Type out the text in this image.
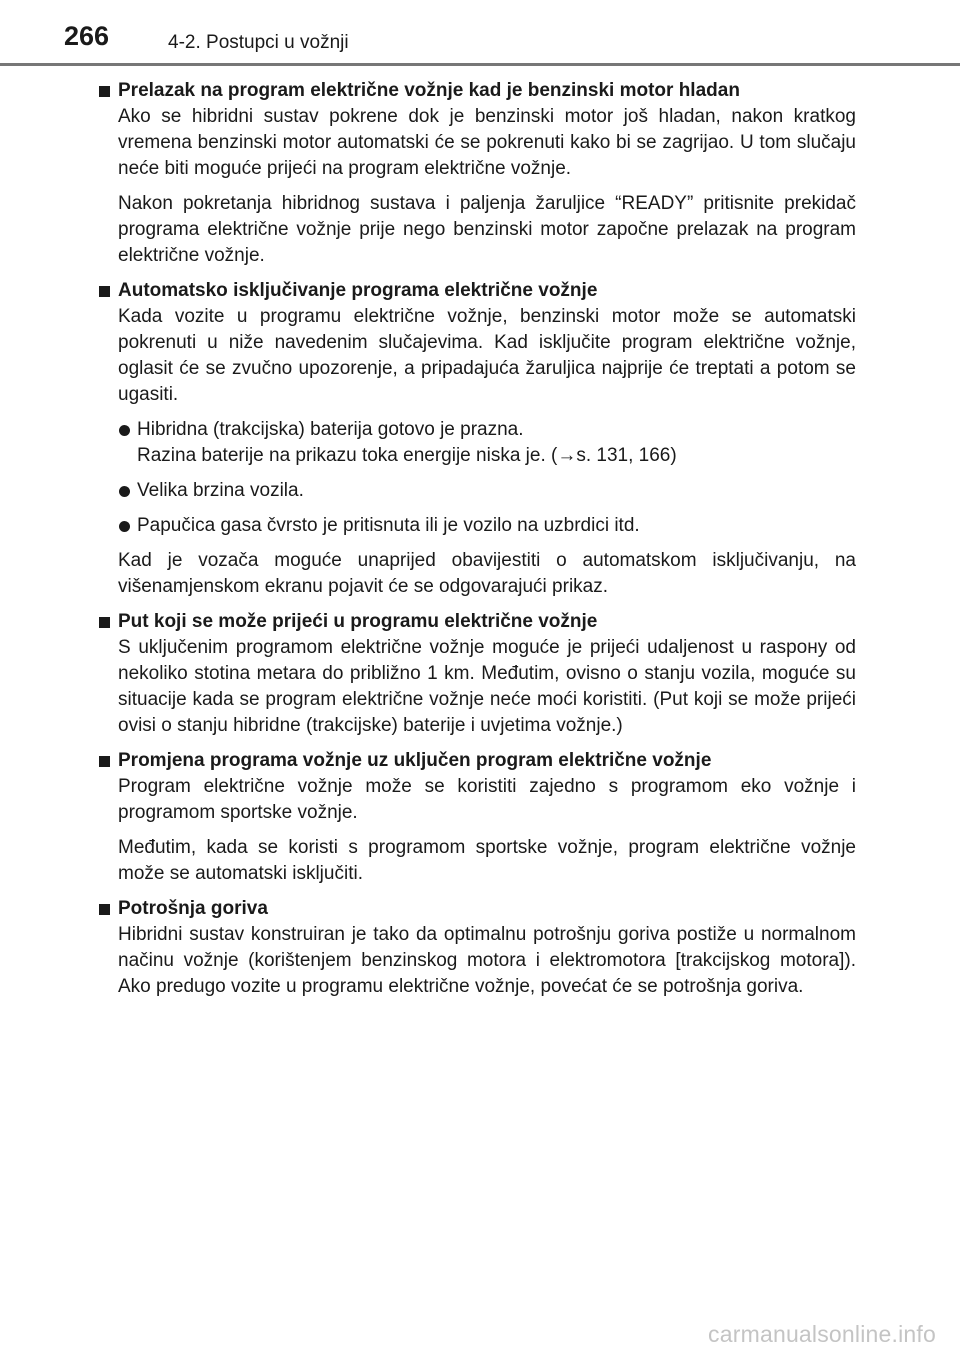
266	4-2. Postupci u vožnji
Prelazak na program električne vožnje kad je benzinski motor hladan

Ako se hibridni sustav pokrene dok je benzinski motor još hladan, nakon kratkog vremena benzinski motor automatski će se pokrenuti kako bi se zagrijao. U tom slučaju neće biti moguće prijeći na program električne vožnje.

Nakon pokretanja hibridnog sustava i paljenja žaruljice “READY” pritisnite prekidač programa električne vožnje prije nego benzinski motor započne prelazak na program električne vožnje.

Automatsko isključivanje programa električne vožnje

Kada vozite u programu električne vožnje, benzinski motor može se automatski pokrenuti u niže navedenim slučajevima. Kad isključite program električne vožnje, oglasit će se zvučno upozorenje, a pripadajuća žaruljica najprije će treptati a potom se ugasiti.

Hibridna (trakcijska) baterija gotovo je prazna.
Razina baterije na prikazu toka energije niska je. (→s. 131, 166)
Velika brzina vozila.
Papučica gasa čvrsto je pritisnuta ili je vozilo na uzbrdici itd.

Kad je vozača moguće unaprijed obavijestiti o automatskom isključivanju, na višenamjenskom ekranu pojavit će se odgovarajući prikaz.

Put koji se može prijeći u programu električne vožnje

S uključenim programom električne vožnje moguće je prijeći udaljenost u raspону od nekoliko stotina metara do približno 1 km. Međutim, ovisno o stanju vozila, moguće su situacije kada se program električne vožnje neće moći koristiti. (Put koji se može prijeći ovisi o stanju hibridne (trakcijske) baterije i uvjetima vožnje.)

Promjena programa vožnje uz uključen program električne vožnje

Program električne vožnje može se koristiti zajedno s programom eko vožnje i programom sportske vožnje.

Međutim, kada se koristi s programom sportske vožnje, program električne vožnje može se automatski isključiti.

Potrošnja goriva

Hibridni sustav konstruiran je tako da optimalnu potrošnju goriva postiže u normalnom načinu vožnje (korištenjem benzinskog motora i elektromotora [trakcijskog motora]). Ako predugo vozite u programu električne vožnje, povećat će se potrošnja goriva.

carmanualsonline.info
